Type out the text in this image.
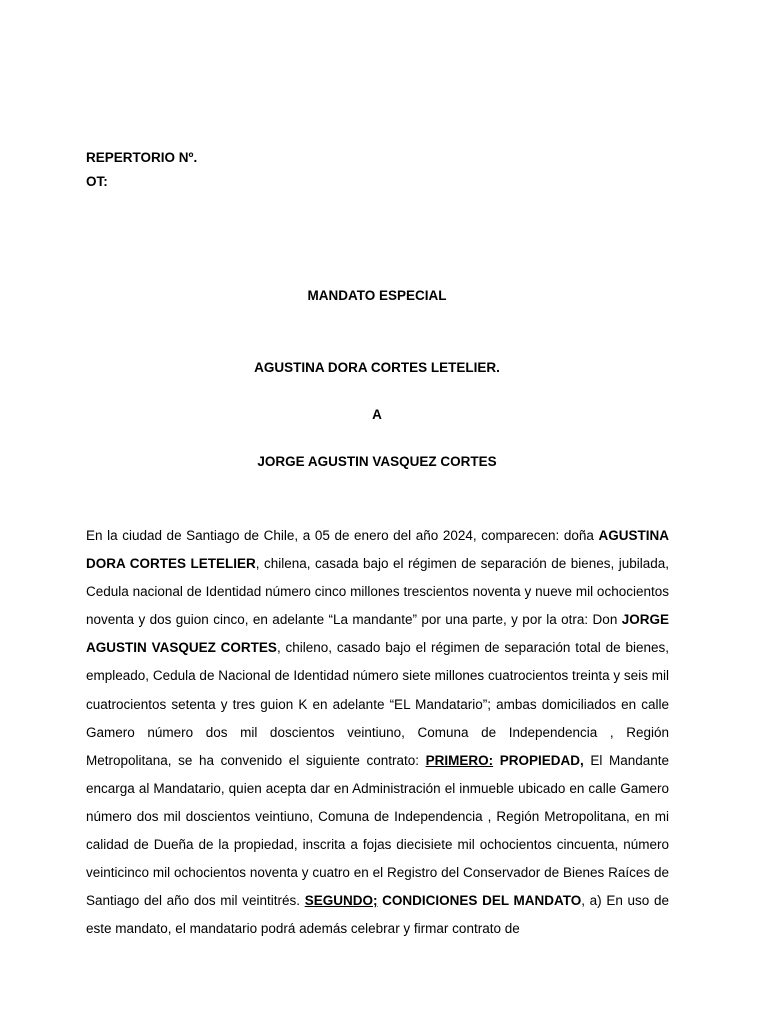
REPERTORIO Nº.
OT:
MANDATO ESPECIAL
AGUSTINA DORA CORTES LETELIER.
A
JORGE AGUSTIN VASQUEZ CORTES

En la ciudad de Santiago de Chile, a 05 de enero del año 2024, comparecen: doña AGUSTINA DORA CORTES LETELIER, chilena, casada bajo el régimen de separación de bienes, jubilada, Cedula nacional de Identidad número cinco millones trescientos noventa y nueve mil ochocientos noventa y dos guion cinco, en adelante “La mandante” por una parte, y por la otra: Don JORGE AGUSTIN VASQUEZ CORTES, chileno, casado bajo el régimen de separación total de bienes, empleado, Cedula de Nacional de Identidad número siete millones cuatrocientos treinta y seis mil cuatrocientos setenta y tres guion K en adelante “EL Mandatario”; ambas domiciliados en calle Gamero número dos mil doscientos veintiuno, Comuna de Independencia , Región Metropolitana, se ha convenido el siguiente contrato: PRIMERO: PROPIEDAD, El Mandante encarga al Mandatario, quien acepta dar en Administración el inmueble ubicado en calle Gamero número dos mil doscientos veintiuno, Comuna de Independencia , Región Metropolitana, en mi calidad de Dueña de la propiedad, inscrita a fojas diecisiete mil ochocientos cincuenta, número veinticinco mil ochocientos noventa y cuatro en el Registro del Conservador de Bienes Raíces de Santiago del año dos mil veintitrés. SEGUNDO; CONDICIONES DEL MANDATO, a) En uso de este mandato, el mandatario podrá además celebrar y firmar contrato de
